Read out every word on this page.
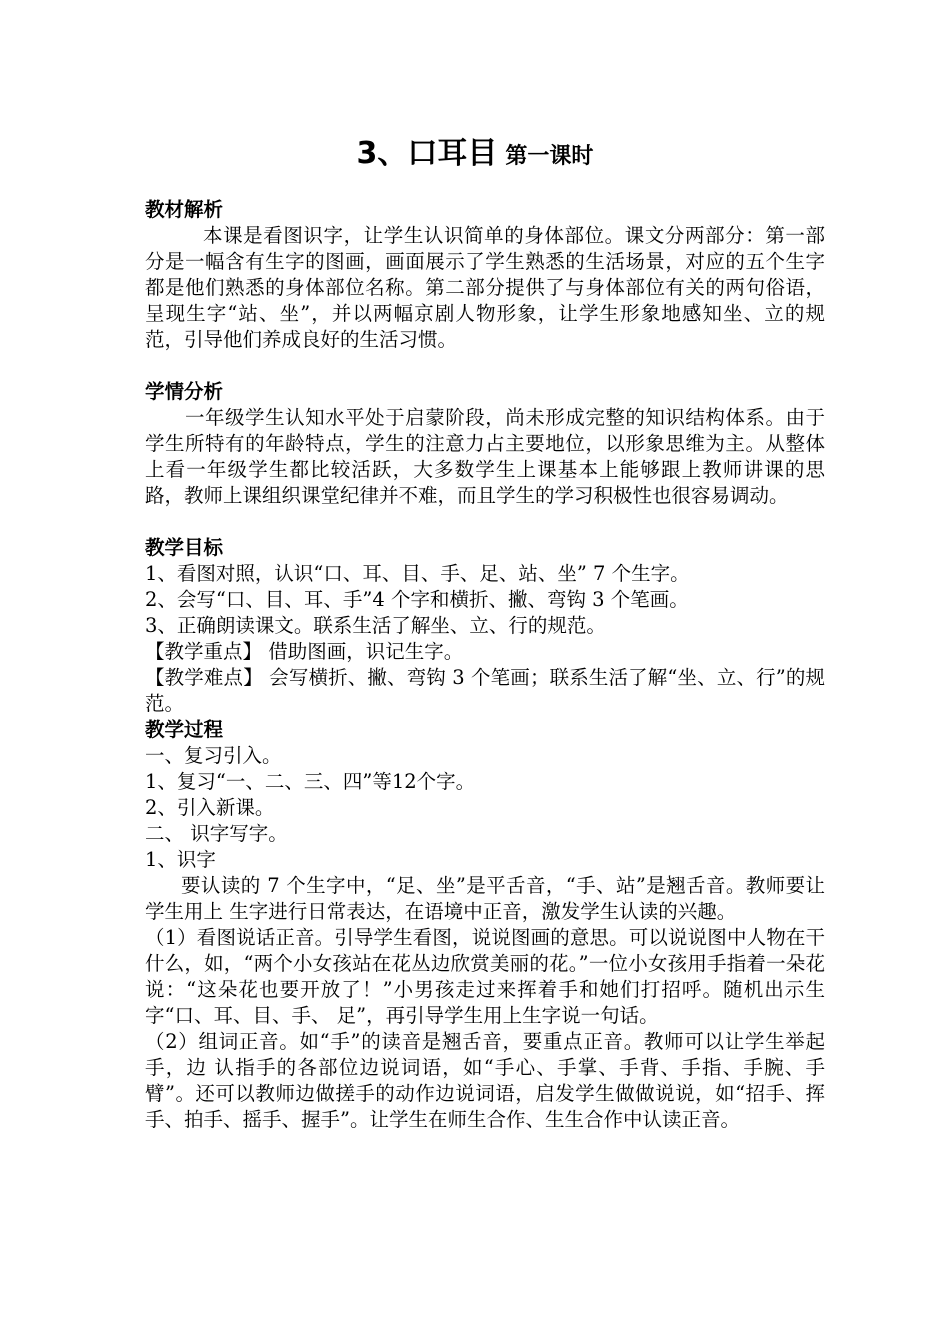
3、口耳目 第一课时
教材解析
本课是看图识字，让学生认识简单的身体部位。课文分两部分：第一部分是一幅含有生字的图画，画面展示了学生熟悉的生活场景，对应的五个生字都是他们熟悉的身体部位名称。第二部分提供了与身体部位有关的两句俗语，呈现生字“站、坐”，并以两幅京剧人物形象，让学生形象地感知坐、立的规范，引导他们养成良好的生活习惯。
学情分析
一年级学生认知水平处于启蒙阶段，尚未形成完整的知识结构体系。由于学生所特有的年龄特点，学生的注意力占主要地位，以形象思维为主。从整体上看一年级学生都比较活跃，大多数学生上课基本上能够跟上教师讲课的思路，教师上课组织课堂纪律并不难，而且学生的学习积极性也很容易调动。
教学目标
1、看图对照，认识“口、耳、目、手、足、站、坐” 7 个生字。
2、会写“口、目、耳、手”4 个字和横折、撇、弯钩 3 个笔画。
3、正确朗读课文。联系生活了解坐、立、行的规范。
【教学重点】 借助图画，识记生字。
【教学难点】 会写横折、撇、弯钩 3 个笔画；联系生活了解“坐、立、行”的规范。
教学过程
一、复习引入。
1、复习“一、二、三、四”等12个字。
2、引入新课。
二、 识字写字。
1、识字
要认读的 7 个生字中，“足、坐”是平舌音，“手、站”是翘舌音。教师要让学生用上 生字进行日常表达，在语境中正音，激发学生认读的兴趣。
（1）看图说话正音。引导学生看图，说说图画的意思。可以说说图中人物在干什么，如，“两个小女孩站在花丛边欣赏美丽的花。”一位小女孩用手指着一朵花说：“这朵花也要开放了！”小男孩走过来挥着手和她们打招呼。随机出示生字“口、耳、目、手、 足”，再引导学生用上生字说一句话。
（2）组词正音。如“手”的读音是翘舌音，要重点正音。教师可以让学生举起手，边 认指手的各部位边说词语，如“手心、手掌、手背、手指、手腕、手臂”。还可以教师边做搓手的动作边说词语，启发学生做做说说，如“招手、挥手、拍手、摇手、握手”。让学生在师生合作、生生合作中认读正音。
